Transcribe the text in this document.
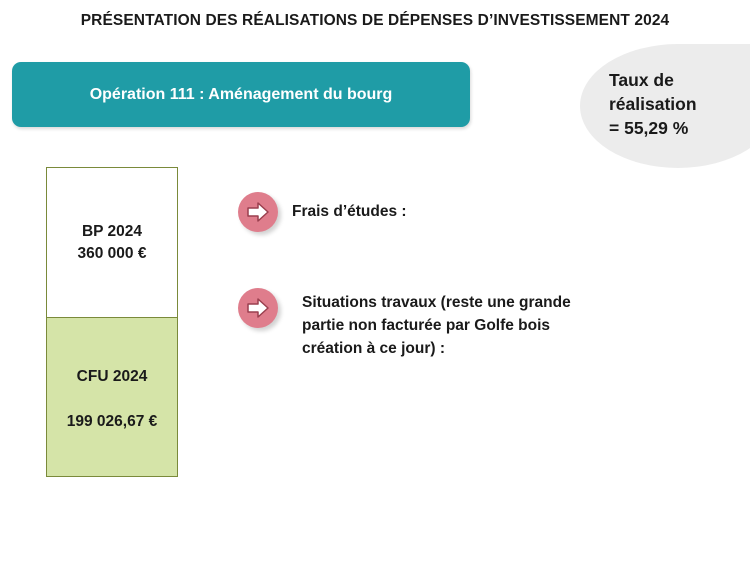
PRÉSENTATION DES RÉALISATIONS DE DÉPENSES D’INVESTISSEMENT 2024
Opération 111 : Aménagement du bourg
Taux de
réalisation
= 55,29 %
BP 2024
360 000 €
CFU 2024
199 026,67 €
Frais d’études :
Situations travaux (reste une grande
partie non facturée par Golfe bois
création à ce jour) :
